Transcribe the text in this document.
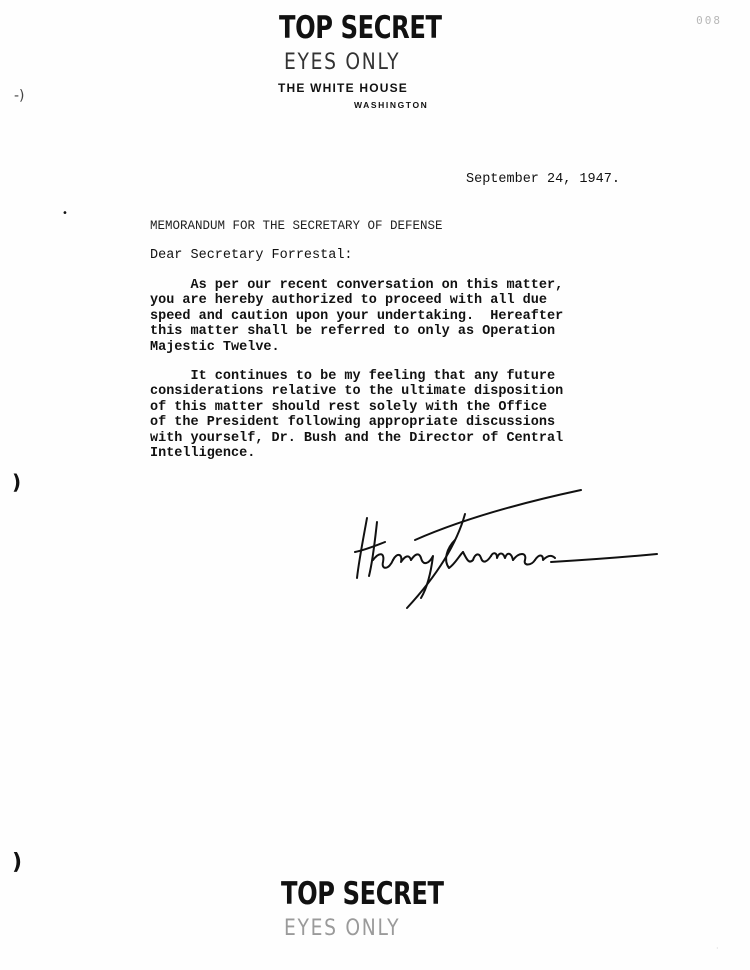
008
TOP SECRET
EYES ONLY
THE WHITE HOUSE
WASHINGTON
-)
•
)
)
September 24, 1947.
MEMORANDUM FOR THE SECRETARY OF DEFENSE
Dear Secretary Forrestal:
As per our recent conversation on this matter,
you are hereby authorized to proceed with all due
speed and caution upon your undertaking.  Hereafter
this matter shall be referred to only as Operation
Majestic Twelve.
It continues to be my feeling that any future
considerations relative to the ultimate disposition
of this matter should rest solely with the Office
of the President following appropriate discussions
with yourself, Dr. Bush and the Director of Central
Intelligence.
TOP SECRET
EYES ONLY
·
